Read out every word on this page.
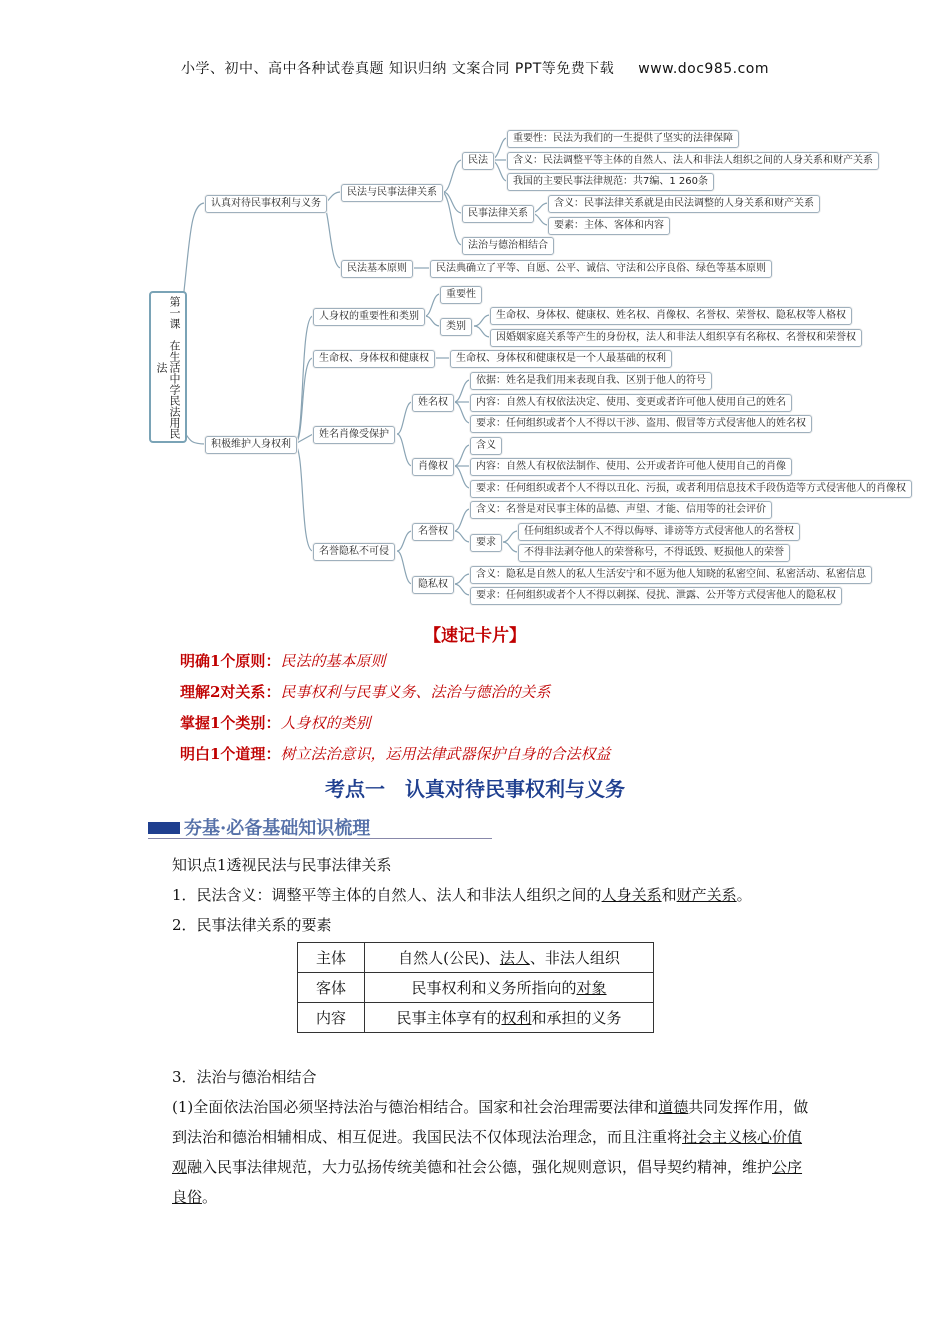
小学、初中、高中各种试卷真题 知识归纳 文案合同 PPT等免费下载 www.doc985.com
第一课　在生活中学民法用民法
认真对待民事权利与义务
民法与民事法律关系
民法
重要性：民法为我们的一生提供了坚实的法律保障
含义：民法调整平等主体的自然人、法人和非法人组织之间的人身关系和财产关系
我国的主要民事法律规范：共7编、1 260条
民事法律关系
含义：民事法律关系就是由民法调整的人身关系和财产关系
要素：主体、客体和内容
法治与德治相结合
民法基本原则	民法典确立了平等、自愿、公平、诚信、守法和公序良俗、绿色等基本原则
积极维护人身权利
人身权的重要性和类别
重要性
类别
生命权、身体权、健康权、姓名权、肖像权、名誉权、荣誉权、隐私权等人格权
因婚姻家庭关系等产生的身份权，法人和非法人组织享有名称权、名誉权和荣誉权
生命权、身体权和健康权	生命权、身体权和健康权是一个人最基础的权利
姓名肖像受保护
姓名权
依据：姓名是我们用来表现自我、区别于他人的符号
内容：自然人有权依法决定、使用、变更或者许可他人使用自己的姓名
要求：任何组织或者个人不得以干涉、盗用、假冒等方式侵害他人的姓名权
肖像权
含义
内容：自然人有权依法制作、使用、公开或者许可他人使用自己的肖像
要求：任何组织或者个人不得以丑化、污损，或者利用信息技术手段伪造等方式侵害他人的肖像权
名誉隐私不可侵
名誉权
含义：名誉是对民事主体的品德、声望、才能、信用等的社会评价
要求
任何组织或者个人不得以侮辱、诽谤等方式侵害他人的名誉权
不得非法剥夺他人的荣誉称号，不得诋毁、贬损他人的荣誉
隐私权
含义：隐私是自然人的私人生活安宁和不愿为他人知晓的私密空间、私密活动、私密信息
要求：任何组织或者个人不得以刺探、侵扰、泄露、公开等方式侵害他人的隐私权
【速记卡片】
明确1个原则：民法的基本原则
理解2对关系：民事权利与民事义务、法治与德治的关系
掌握1个类别：人身权的类别
明白1个道理：树立法治意识，运用法律武器保护自身的合法权益
考点一　认真对待民事权利与义务
夯基·必备基础知识梳理
知识点1透视民法与民事法律关系
1．民法含义：调整平等主体的自然人、法人和非法人组织之间的人身关系和财产关系。
2．民事法律关系的要素
主体	自然人(公民)、法人、非法人组织
客体	民事权利和义务所指向的对象
内容	民事主体享有的权利和承担的义务
3．法治与德治相结合
(1)全面依法治国必须坚持法治与德治相结合。国家和社会治理需要法律和道德共同发挥作用，做到法治和德治相辅相成、相互促进。我国民法不仅体现法治理念，而且注重将社会主义核心价值观融入民事法律规范，大力弘扬传统美德和社会公德，强化规则意识，倡导契约精神，维护公序良俗。
